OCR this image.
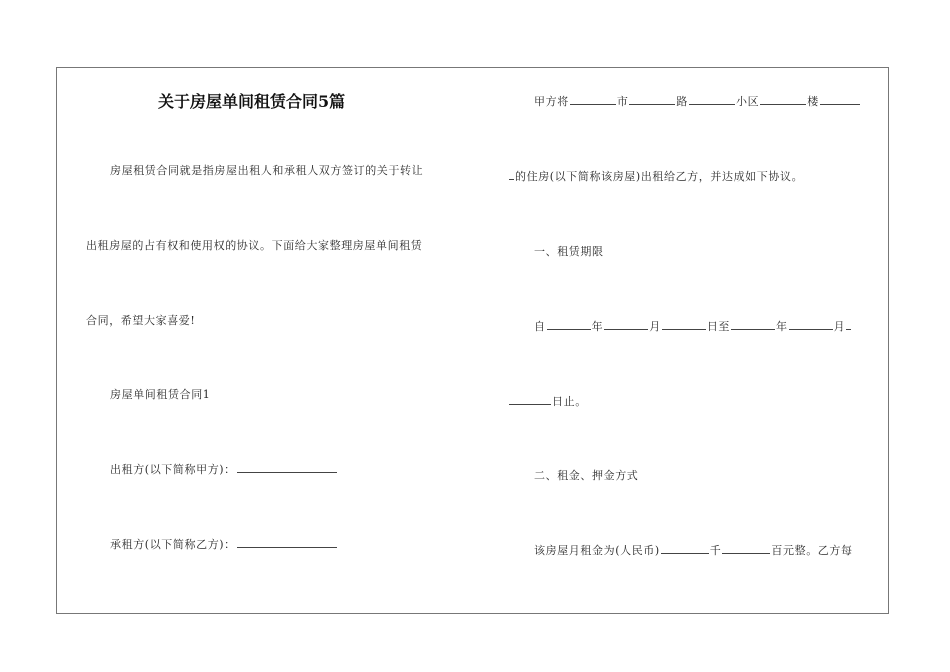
关于房屋单间租赁合同5篇
房屋租赁合同就是指房屋出租人和承租人双方签订的关于转让
出租房屋的占有权和使用权的协议。下面给大家整理房屋单间租赁
合同，希望大家喜爱!
房屋单间租赁合同1
出租方(以下简称甲方)：
承租方(以下简称乙方)：
甲方将	市	路	小区	楼
的住房(以下简称该房屋)出租给乙方，并达成如下协议。
一、租赁期限
自	年	月	日至	年	月
日止。
二、租金、押金方式
该房屋月租金为(人民币)	千	百元整。乙方每
